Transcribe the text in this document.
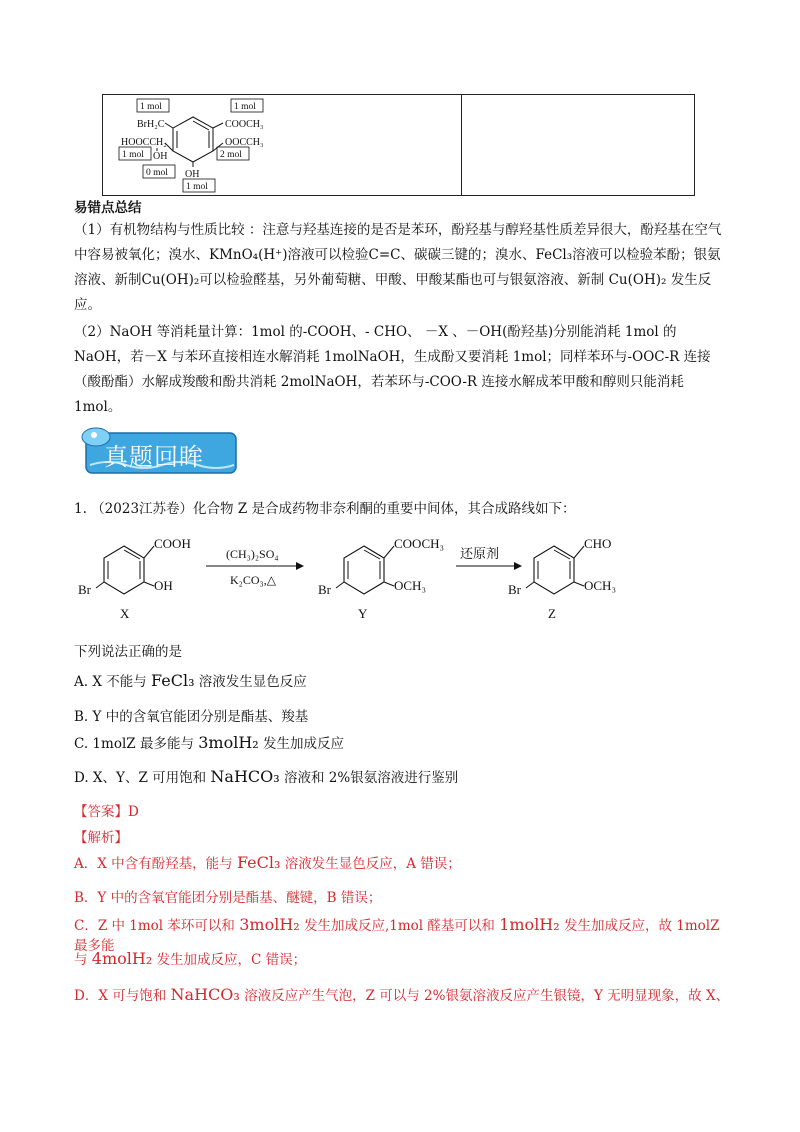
BrH₂C
HOOCCH₂
COOCH₃
OOCCH₃
OH
OH
1 mol	1 mol
1 mol	2 mol
0 mol
1 mol
易错点总结
（1）有机物结构与性质比较 ：注意与羟基连接的是否是苯环，酚羟基与醇羟基性质差异很大，酚羟基在空气中容易被氧化；溴水、KMnO₄(H⁺)溶液可以检验C=C、碳碳三键的；溴水、FeCl₃溶液可以检验苯酚；银氨溶液、新制Cu(OH)₂可以检验醛基，另外葡萄糖、甲酸、甲酸某酯也可与银氨溶液、新制 Cu(OH)₂ 发生反应。
（2）NaOH 等消耗量计算：1mol 的-COOH、- CHO、 －X 、－OH(酚羟基)分别能消耗 1mol 的 NaOH，若－X 与苯环直接相连水解消耗 1molNaOH，生成酚又要消耗 1mol；同样苯环与-OOC-R 连接（酸酚酯）水解成羧酸和酚共消耗 2molNaOH，若苯环与-COO-R 连接水解成苯甲酸和醇则只能消耗 1mol。
真题回眸
1. （2023江苏卷）化合物 Z 是合成药物非奈利酮的重要中间体，其合成路线如下：
COOH
OH
Br
X
(CH₃)₂SO₄
K₂CO₃,△
COOCH₃
OCH₃
Br
Y
还原剂
CHO
OCH₃
Br
Z
下列说法正确的是
A. X 不能与 FeCl₃ 溶液发生显色反应
B. Y 中的含氧官能团分别是酯基、羧基
C. 1molZ 最多能与 3molH₂ 发生加成反应
D. X、Y、Z 可用饱和 NaHCO₃ 溶液和 2%银氨溶液进行鉴别
【答案】D
【解析】
A．X 中含有酚羟基，能与 FeCl₃ 溶液发生显色反应，A 错误；
B．Y 中的含氧官能团分别是酯基、醚键，B 错误；
C．Z 中 1mol 苯环可以和 3molH₂ 发生加成反应,1mol 醛基可以和 1molH₂ 发生加成反应，故 1molZ 最多能
与 4molH₂ 发生加成反应，C 错误；
D．X 可与饱和 NaHCO₃ 溶液反应产生气泡，Z 可以与 2%银氨溶液反应产生银镜，Y 无明显现象，故 X、
